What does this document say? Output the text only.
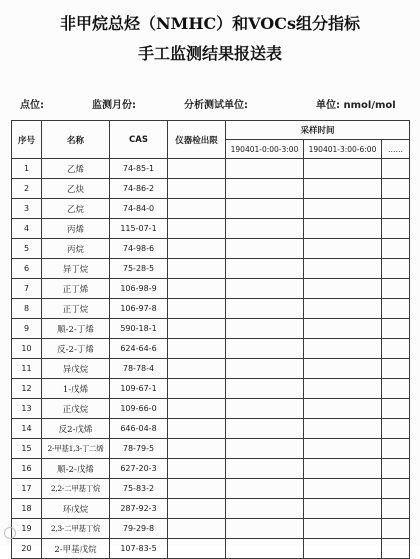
非甲烷总烃（NMHC）和VOCs组分指标
手工监测结果报送表
点位:	监测月份:	分析测试单位:	单位: nmol/mol
序号	名称	CAS	仪器检出限	采样时间		
				190401-0:00-3:00	190401-3:00-6:00	……
1	乙烯	74-85-1				
2	乙炔	74-86-2				
3	乙烷	74-84-0				
4	丙烯	115-07-1				
5	丙烷	74-98-6				
6	异丁烷	75-28-5				
7	正丁烯	106-98-9				
8	正丁烷	106-97-8				
9	顺-2-丁烯	590-18-1				
10	反-2-丁烯	624-64-6				
11	异戊烷	78-78-4				
12	1-戊烯	109-67-1				
13	正戊烷	109-66-0				
14	反2-戊烯	646-04-8				
15	2-甲基1,3-丁二烯	78-79-5				
16	顺-2-戊烯	627-20-3				
17	2,2-二甲基丁烷	75-83-2				
18	环戊烷	287-92-3				
19	2,3-二甲基丁烷	79-29-8				
20	2-甲基戊烷	107-83-5				
